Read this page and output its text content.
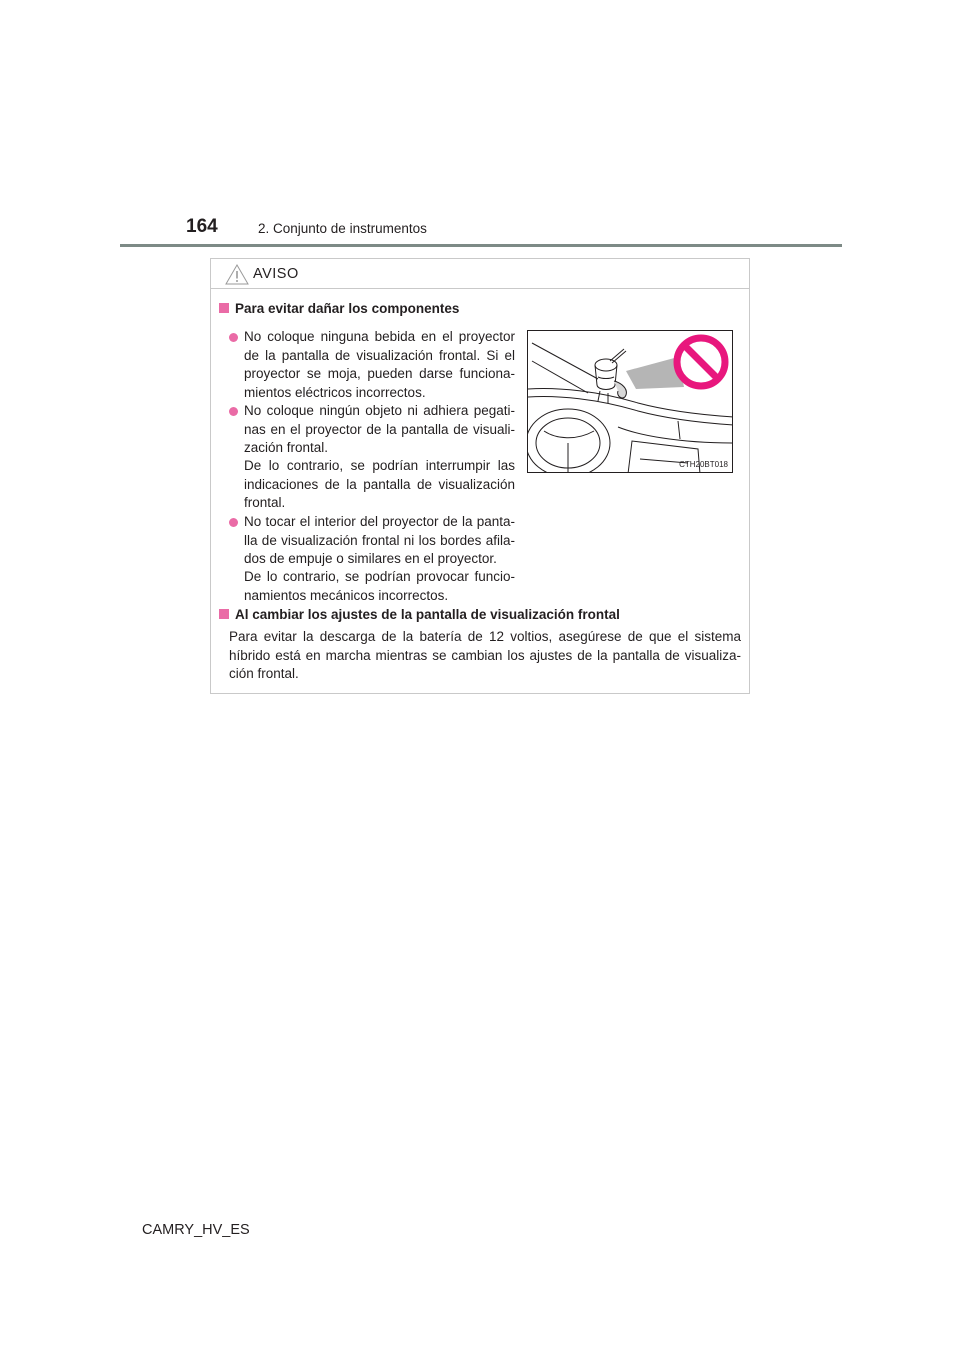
164	2. Conjunto de instrumentos
AVISO
Para evitar dañar los componentes
No coloque ninguna bebida en el proyector de la pantalla de visualización frontal. Si el proyector se moja, pueden darse funciona-mientos eléctricos incorrectos.
No coloque ningún objeto ni adhiera pegati-nas en el proyector de la pantalla de visuali-zación frontal.
De lo contrario, se podrían interrumpir las indicaciones de la pantalla de visualización frontal.
No tocar el interior del proyector de la panta-lla de visualización frontal ni los bordes afila-dos de empuje o similares en el proyector.
De lo contrario, se podrían provocar funcio-namientos mecánicos incorrectos.
CTH20BT018
Al cambiar los ajustes de la pantalla de visualización frontal
Para evitar la descarga de la batería de 12 voltios, asegúrese de que el sistema híbrido está en marcha mientras se cambian los ajustes de la pantalla de visualiza-ción frontal.
CAMRY_HV_ES
